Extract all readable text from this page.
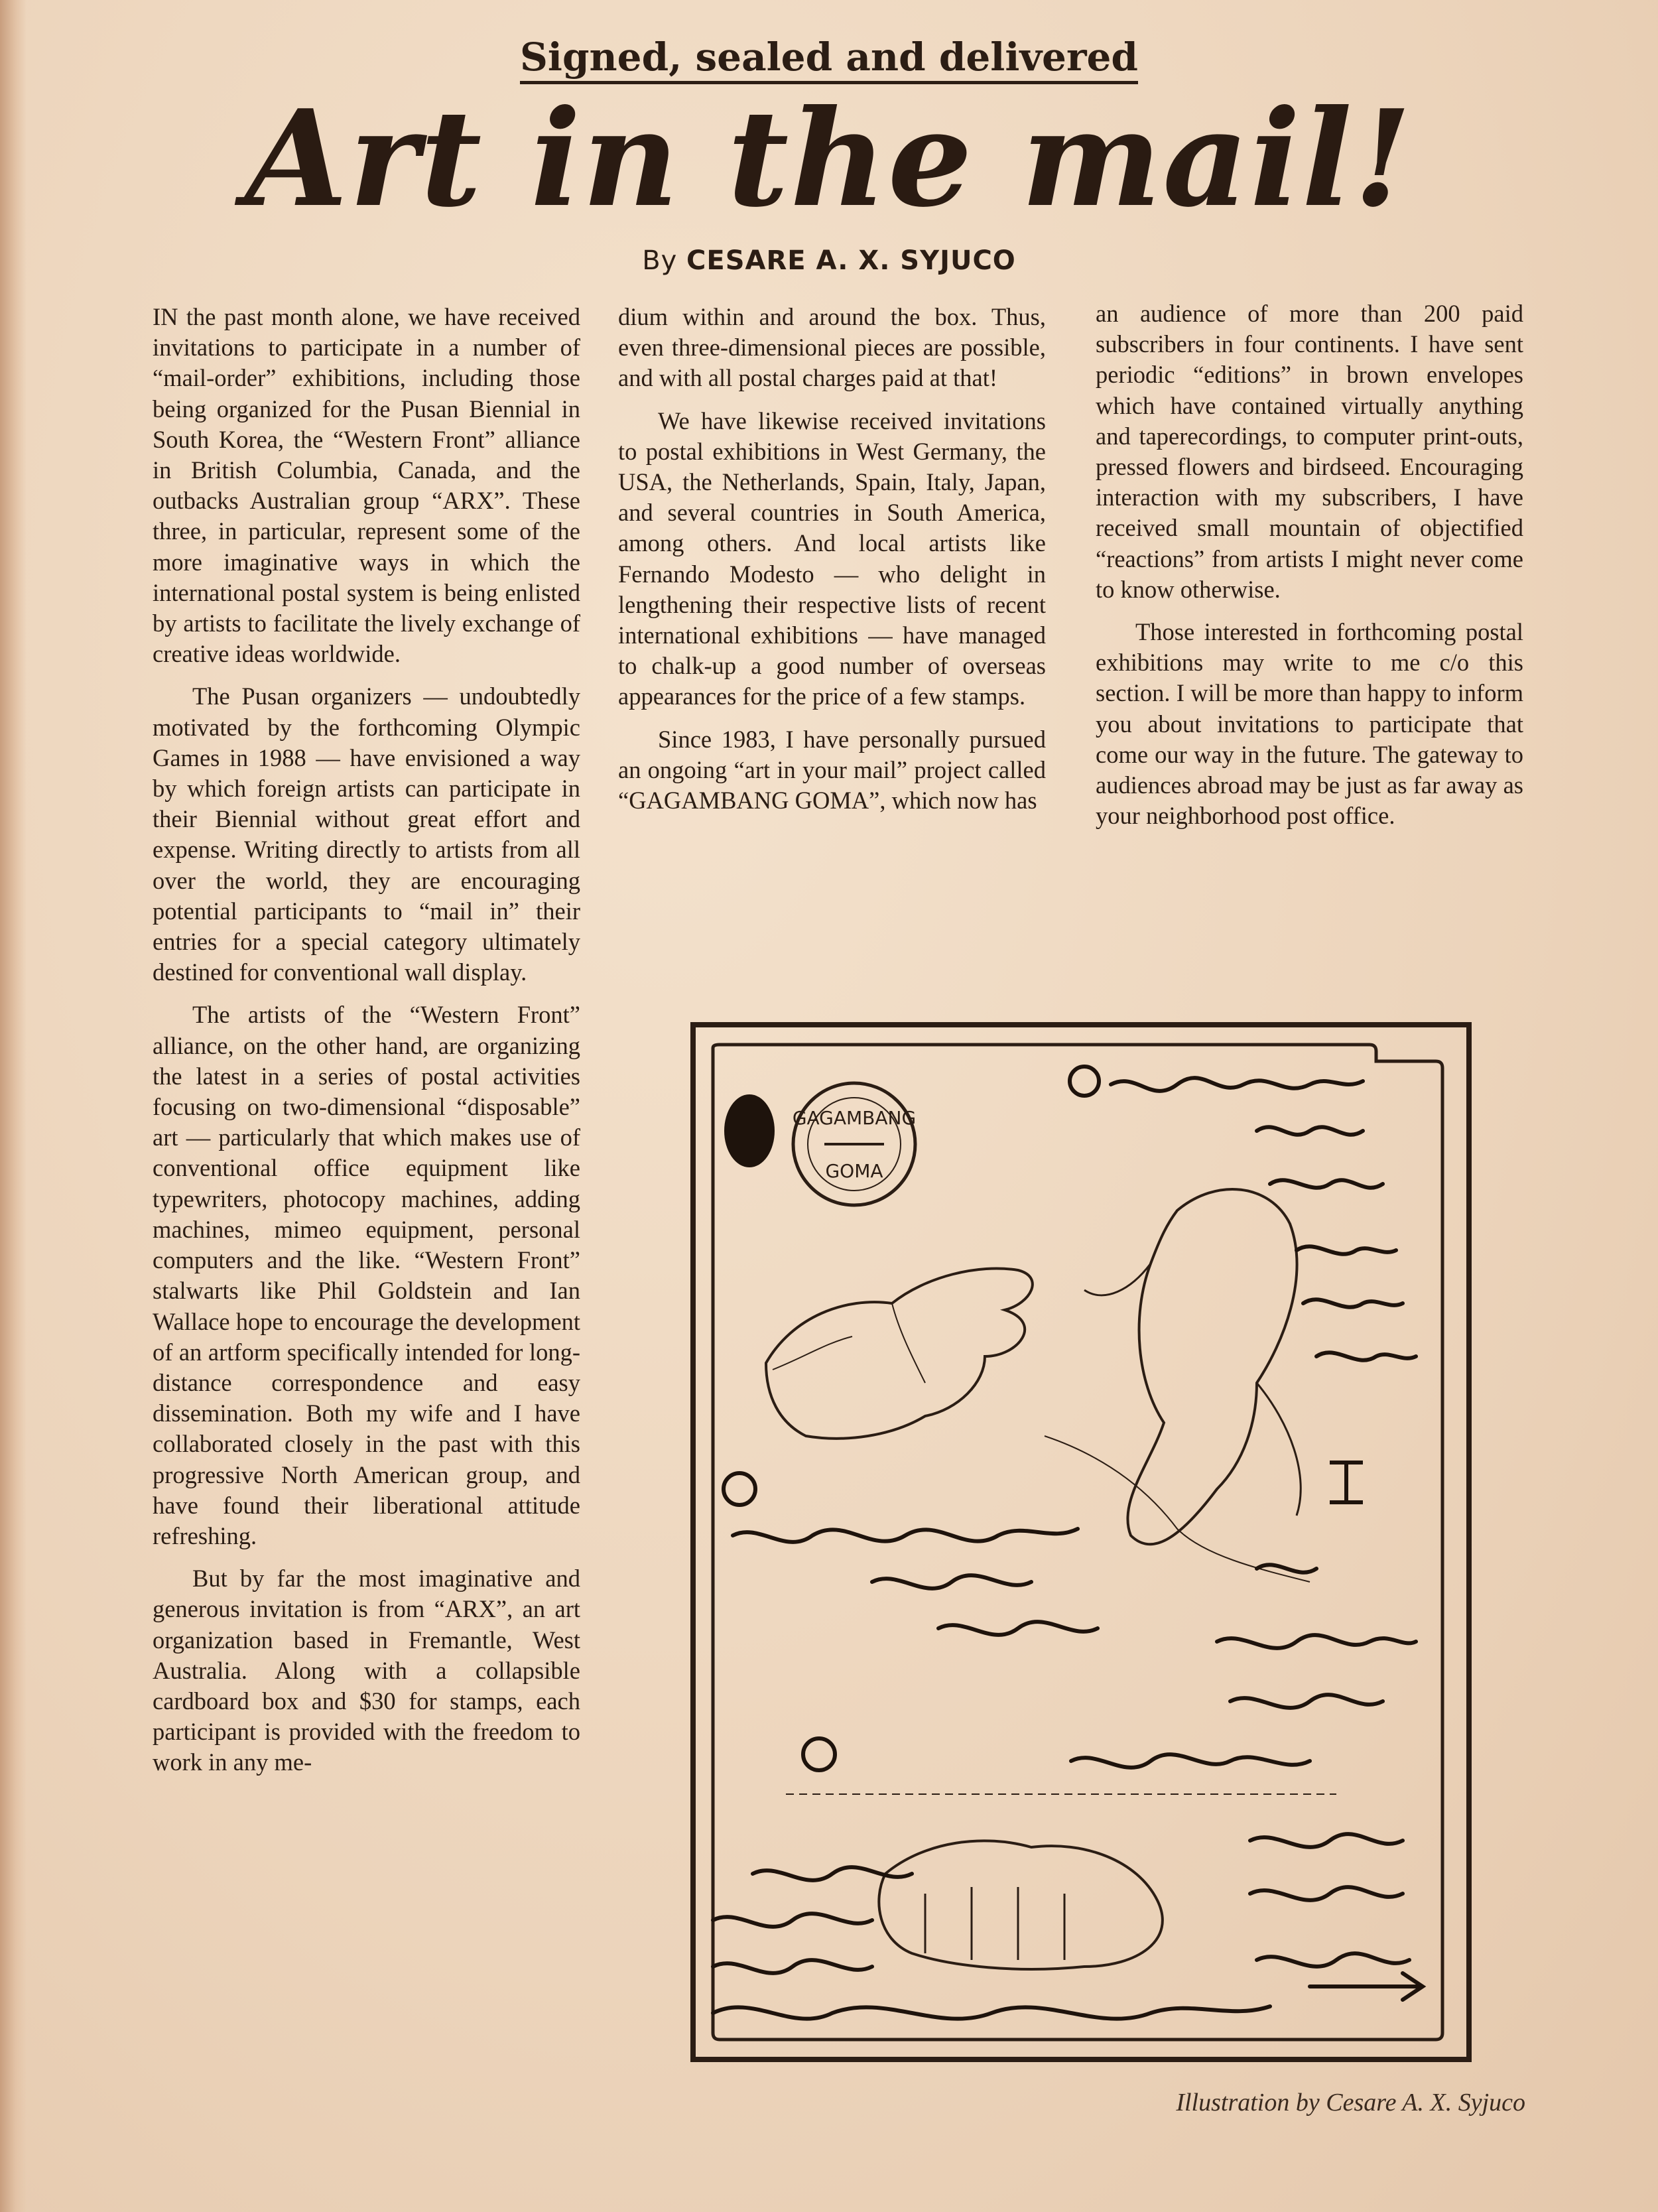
Signed, sealed and delivered
Art in the mail!
By CESARE A. X. SYJUCO

IN the past month alone, we have received invitations to participate in a number of “mail-order” exhibitions, including those being organized for the Pusan Biennial in South Korea, the “Western Front” alliance in British Columbia, Canada, and the outbacks Australian group “ARX”. These three, in particular, represent some of the more imaginative ways in which the international postal system is being enlisted by artists to facilitate the lively exchange of creative ideas worldwide.

The Pusan organizers — undoubtedly motivated by the forthcoming Olympic Games in 1988 — have envisioned a way by which foreign artists can participate in their Biennial without great effort and expense. Writing directly to artists from all over the world, they are encouraging potential participants to “mail in” their entries for a special category ultimately destined for conventional wall display.

The artists of the “Western Front” alliance, on the other hand, are organizing the latest in a series of postal activities focusing on two-dimensional “disposable” art — particularly that which makes use of conventional office equipment like typewriters, photocopy machines, adding machines, mimeo equipment, personal computers and the like. “Western Front” stalwarts like Phil Goldstein and Ian Wallace hope to encourage the development of an artform specifically intended for long-distance correspondence and easy dissemination. Both my wife and I have collaborated closely in the past with this progressive North American group, and have found their liberational attitude refreshing.

But by far the most imaginative and generous invitation is from “ARX”, an art organization based in Fremantle, West Australia. Along with a collapsible cardboard box and $30 for stamps, each participant is provided with the freedom to work in any me-

dium within and around the box. Thus, even three-dimensional pieces are possible, and with all postal charges paid at that!

We have likewise received invitations to postal exhibitions in West Germany, the USA, the Netherlands, Spain, Italy, Japan, and several countries in South America, among others. And local artists like Fernando Modesto — who delight in lengthening their respective lists of recent international exhibitions — have managed to chalk-up a good number of overseas appearances for the price of a few stamps.

Since 1983, I have personally pursued an ongoing “art in your mail” project called “GAGAMBANG GOMA”, which now has

an audience of more than 200 paid subscribers in four continents. I have sent periodic “editions” in brown envelopes which have contained virtually anything and taperecordings, to computer print-outs, pressed flowers and birdseed. Encouraging interaction with my subscribers, I have received small mountain of objectified “reactions” from artists I might never come to know otherwise.

Those interested in forthcoming postal exhibitions may write to me c/o this section. I will be more than happy to inform you about invitations to participate that come our way in the future. The gateway to audiences abroad may be just as far away as your neighborhood post office.

GAGAMBANG
GOMA
Illustration by Cesare A. X. Syjuco
